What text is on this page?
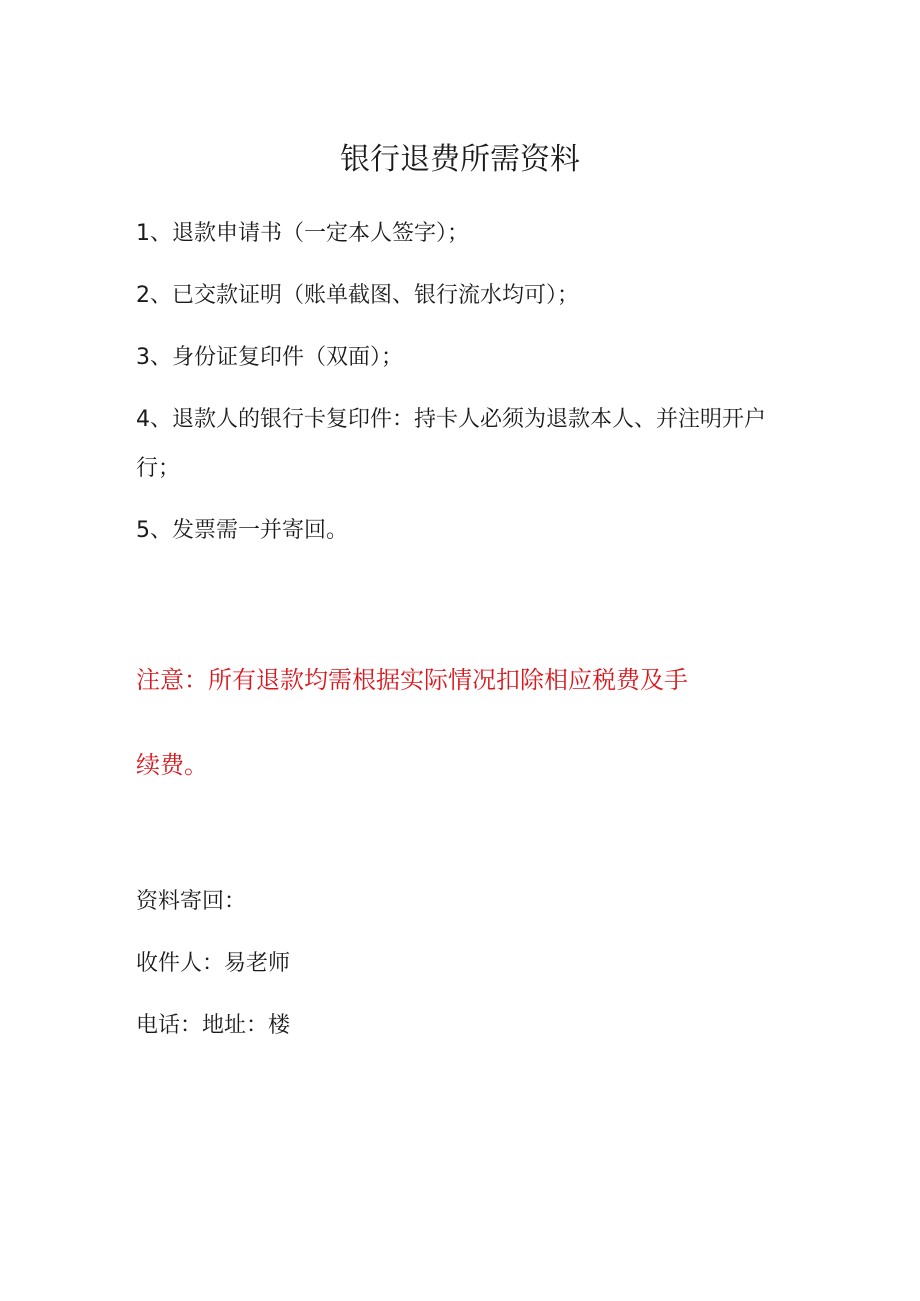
银行退费所需资料
1、退款申请书（一定本人签字）；
2、已交款证明（账单截图、银行流水均可）；
3、身份证复印件（双面）；
4、退款人的银行卡复印件：持卡人必须为退款本人、并注明开户
行；
5、发票需一并寄回。
注意：所有退款均需根据实际情况扣除相应税费及手
续费。
资料寄回：
收件人：易老师
电话：地址：楼
